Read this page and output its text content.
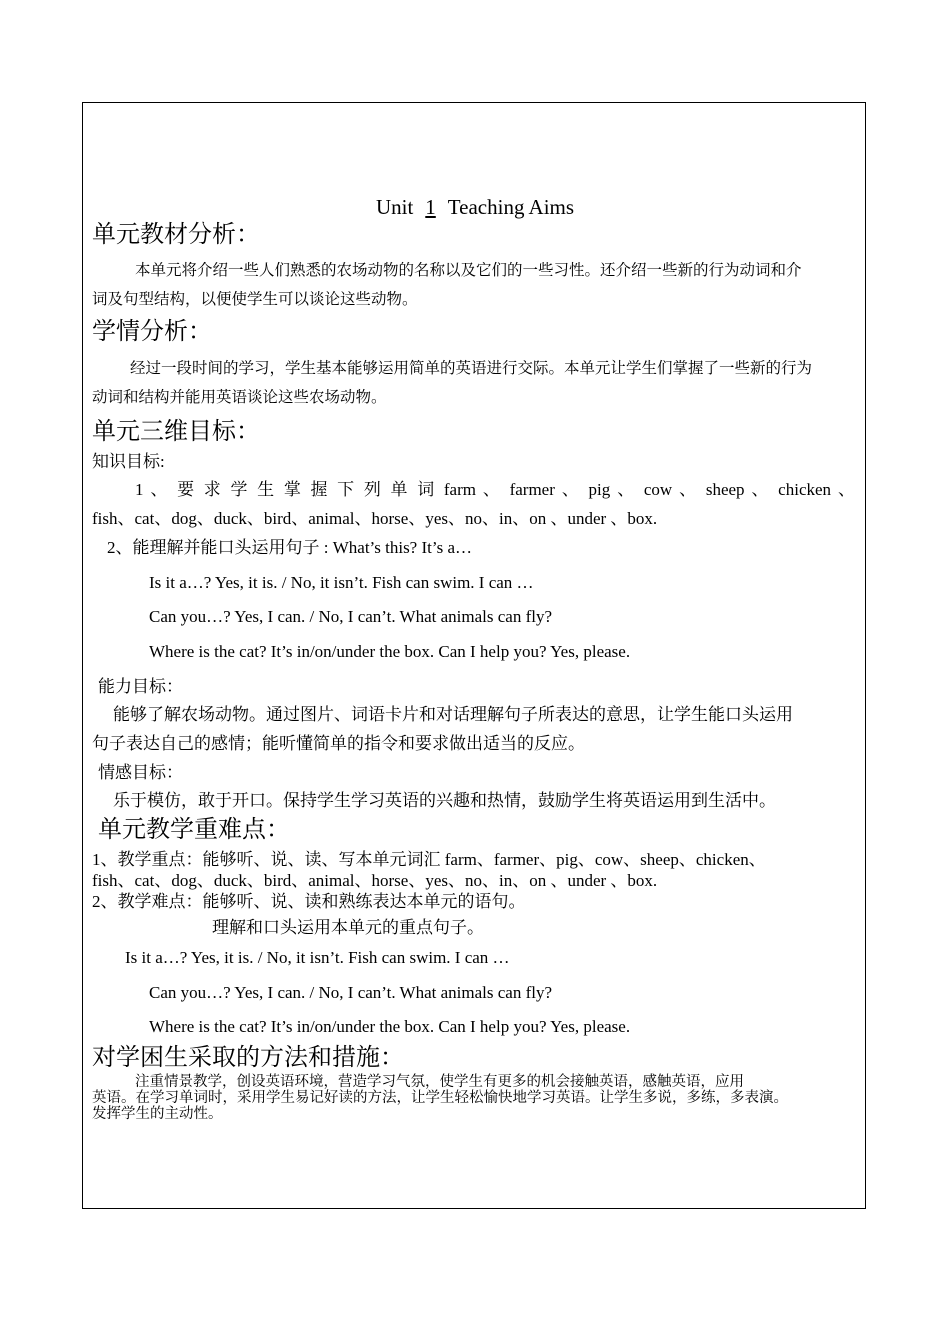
Unit 1 Teaching Aims
单元教材分析：
本单元将介绍一些人们熟悉的农场动物的名称以及它们的一些习性。还介绍一些新的行为动词和介
词及句型结构，以便使学生可以谈论这些动物。
学情分析：
经过一段时间的学习，学生基本能够运用简单的英语进行交际。本单元让学生们掌握了一些新的行为
动词和结构并能用英语谈论这些农场动物。
单元三维目标：
知识目标:
1 、 要 求 学 生 掌 握 下 列 单 词 farm 、 farmer 、 pig 、 cow 、 sheep 、 chicken 、
fish、cat、dog、duck、bird、animal、horse、yes、no、in、on 、under 、box.
2、能理解并能口头运用句子 : What’s this? It’s a…
Is it a…? Yes, it is. / No, it isn’t. Fish can swim. I can …
Can you…? Yes, I can. / No, I can’t. What animals can fly?
Where is the cat? It’s in/on/under the box. Can I help you? Yes, please.
能力目标：
能够了解农场动物。通过图片、词语卡片和对话理解句子所表达的意思，让学生能口头运用
句子表达自己的感情；能听懂简单的指令和要求做出适当的反应。
情感目标：
乐于模仿，敢于开口。保持学生学习英语的兴趣和热情，鼓励学生将英语运用到生活中。
单元教学重难点：
1、教学重点：能够听、说、读、写本单元词汇 farm、farmer、pig、cow、sheep、chicken、
fish、cat、dog、duck、bird、animal、horse、yes、no、in、on 、under 、box.
2、教学难点：能够听、说、读和熟练表达本单元的语句。
理解和口头运用本单元的重点句子。
Is it a…? Yes, it is. / No, it isn’t. Fish can swim. I can …
Can you…? Yes, I can. / No, I can’t. What animals can fly?
Where is the cat? It’s in/on/under the box. Can I help you? Yes, please.
对学困生采取的方法和措施：
注重情景教学，创设英语环境，营造学习气氛，使学生有更多的机会接触英语，感触英语，应用
英语。在学习单词时，采用学生易记好读的方法，让学生轻松愉快地学习英语。让学生多说，多练，多表演。
发挥学生的主动性。
